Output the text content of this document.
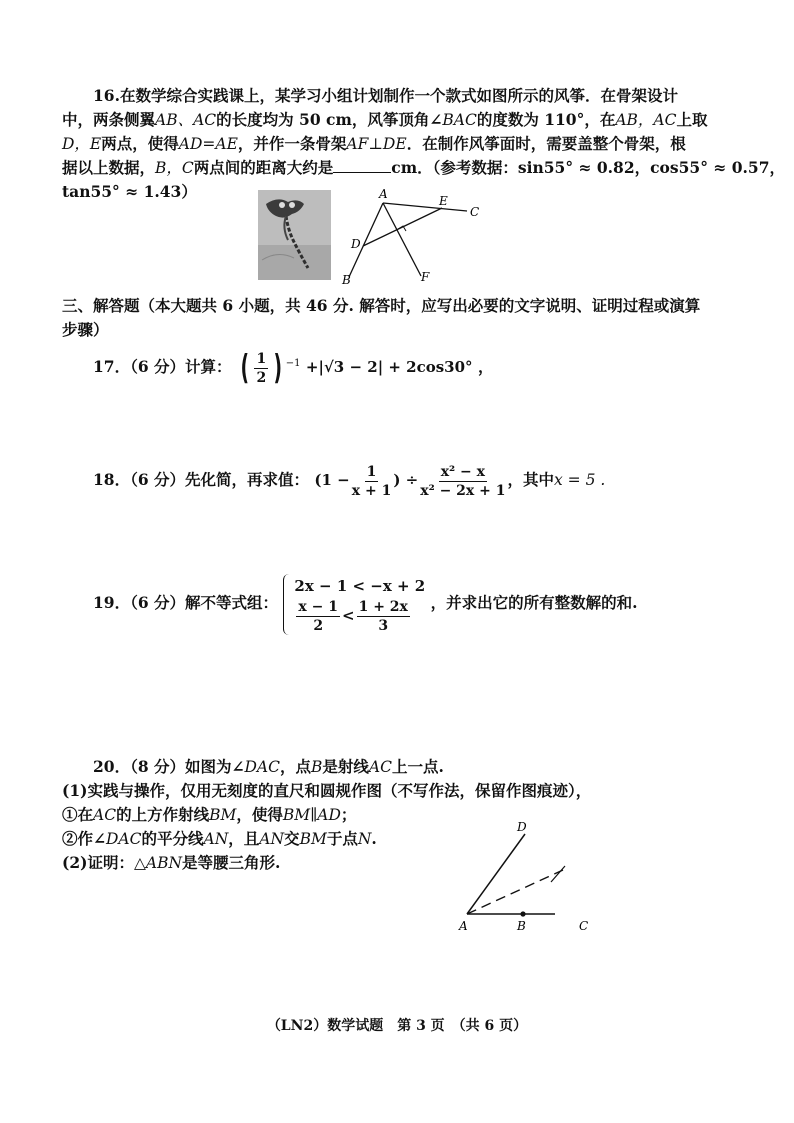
16.在数学综合实践课上，某学习小组计划制作一个款式如图所示的风筝．在骨架设计
中，两条侧翼AB、AC的长度均为 50 cm，风筝顶角∠BAC的度数为 110°，在AB，AC上取
D，E两点，使得AD=AE，并作一条骨架AF⊥DE．在制作风筝面时，需要盖整个骨架，根
据以上数据，B，C两点间的距离大约是	cm．（参考数据：sin55° ≈ 0.82，cos55° ≈ 0.57，
tan55° ≈ 1.43）	A
B
C
D
E
F
三、解答题（本大题共 6 小题，共 46 分. 解答时，应写出必要的文字说明、证明过程或演算
步骤）
17．（6 分）计算： ( $\frac{1}{2}$ ) $^{-1}$ +|√3 − 2| + 2cos30° ，
18．（6 分）先化简，再求值： ($1 - \frac{1}{x + 1}$ ) ÷ $\frac{\text{x² − x}}{\text{x² − 2x + 1}}$ ，其中x = 5 .
19．（6 分）解不等式组：
2x − 1 < −x + 2
$\frac{x - 1}{2} < \frac{1 + 2x}{3}$ ，并求出它的所有整数解的和.
20．（8 分）如图为∠DAC，点B是射线AC上一点.
(1)实践与操作，仅用无刻度的直尺和圆规作图（不写作法，保留作图痕迹），
①在AC的上方作射线BM，使得BM∥AD；
②作∠DAC的平分线AN，且AN交BM于点N.
(2)证明：△ABN是等腰三角形.
D
A	B	C
（LN2）数学试题　第 3 页　（共 6 页）
